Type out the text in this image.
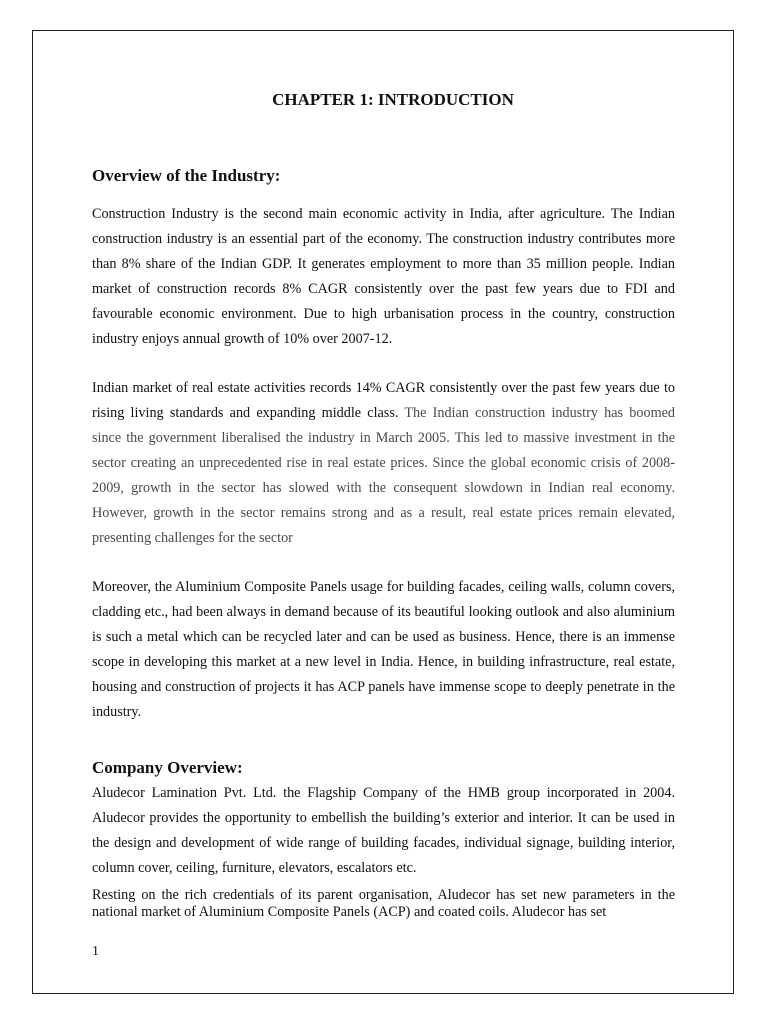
CHAPTER 1: INTRODUCTION
Overview of the Industry:

Construction Industry is the second main economic activity in India, after agriculture. The Indian construction industry is an essential part of the economy. The construction industry contributes more than 8% share of the Indian GDP. It generates employment to more than 35 million people. Indian market of construction records 8% CAGR consistently over the past few years due to FDI and favourable economic environment. Due to high urbanisation process in the country, construction industry enjoys annual growth of 10% over 2007-12.

Indian market of real estate activities records 14% CAGR consistently over the past few years due to rising living standards and expanding middle class. The Indian construction industry has boomed since the government liberalised the industry in March 2005. This led to massive investment in the sector creating an unprecedented rise in real estate prices. Since the global economic crisis of 2008-2009, growth in the sector has slowed with the consequent slowdown in Indian real economy. However, growth in the sector remains strong and as a result, real estate prices remain elevated, presenting challenges for the sector

Moreover, the Aluminium Composite Panels usage for building facades, ceiling walls, column covers, cladding etc., had been always in demand because of its beautiful looking outlook and also aluminium is such a metal which can be recycled later and can be used as business. Hence, there is an immense scope in developing this market at a new level in India. Hence, in building infrastructure, real estate, housing and construction of projects it has ACP panels have immense scope to deeply penetrate in the industry.

Company Overview:

Aludecor Lamination Pvt. Ltd. the Flagship Company of the HMB group incorporated in 2004. Aludecor provides the opportunity to embellish the building’s exterior and interior. It can be used in the design and development of wide range of building facades, individual signage, building interior, column cover, ceiling, furniture, elevators, escalators etc.

Resting on the rich credentials of its parent organisation, Aludecor has set new parameters in the national market of Aluminium Composite Panels (ACP) and coated coils. Aludecor has set

1
